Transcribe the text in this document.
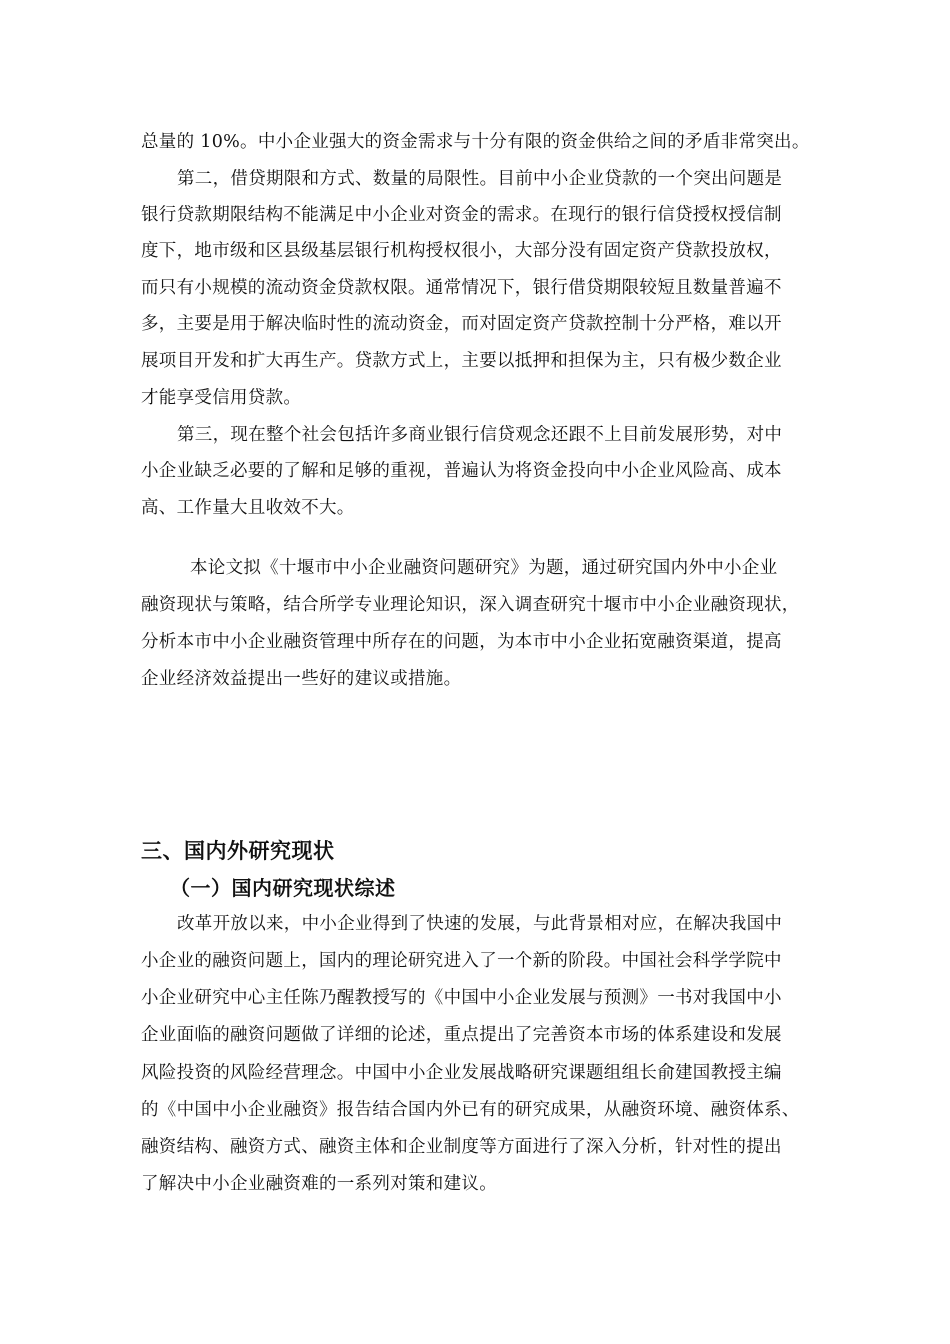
总量的 10%。中小企业强大的资金需求与十分有限的资金供给之间的矛盾非常突出。
第二，借贷期限和方式、数量的局限性。目前中小企业贷款的一个突出问题是
银行贷款期限结构不能满足中小企业对资金的需求。在现行的银行信贷授权授信制
度下，地市级和区县级基层银行机构授权很小，大部分没有固定资产贷款投放权，
而只有小规模的流动资金贷款权限。通常情况下，银行借贷期限较短且数量普遍不
多，主要是用于解决临时性的流动资金，而对固定资产贷款控制十分严格，难以开
展项目开发和扩大再生产。贷款方式上，主要以抵押和担保为主，只有极少数企业
才能享受信用贷款。
第三，现在整个社会包括许多商业银行信贷观念还跟不上目前发展形势，对中
小企业缺乏必要的了解和足够的重视，普遍认为将资金投向中小企业风险高、成本
高、工作量大且收效不大。
本论文拟《十堰市中小企业融资问题研究》为题，通过研究国内外中小企业
融资现状与策略，结合所学专业理论知识，深入调查研究十堰市中小企业融资现状，
分析本市中小企业融资管理中所存在的问题，为本市中小企业拓宽融资渠道，提高
企业经济效益提出一些好的建议或措施。
三、国内外研究现状
（一）国内研究现状综述
改革开放以来，中小企业得到了快速的发展，与此背景相对应，在解决我国中
小企业的融资问题上，国内的理论研究进入了一个新的阶段。中国社会科学学院中
小企业研究中心主任陈乃醒教授写的《中国中小企业发展与预测》一书对我国中小
企业面临的融资问题做了详细的论述，重点提出了完善资本市场的体系建设和发展
风险投资的风险经营理念。中国中小企业发展战略研究课题组组长俞建国教授主编
的《中国中小企业融资》报告结合国内外已有的研究成果，从融资环境、融资体系、
融资结构、融资方式、融资主体和企业制度等方面进行了深入分析，针对性的提出
了解决中小企业融资难的一系列对策和建议。
